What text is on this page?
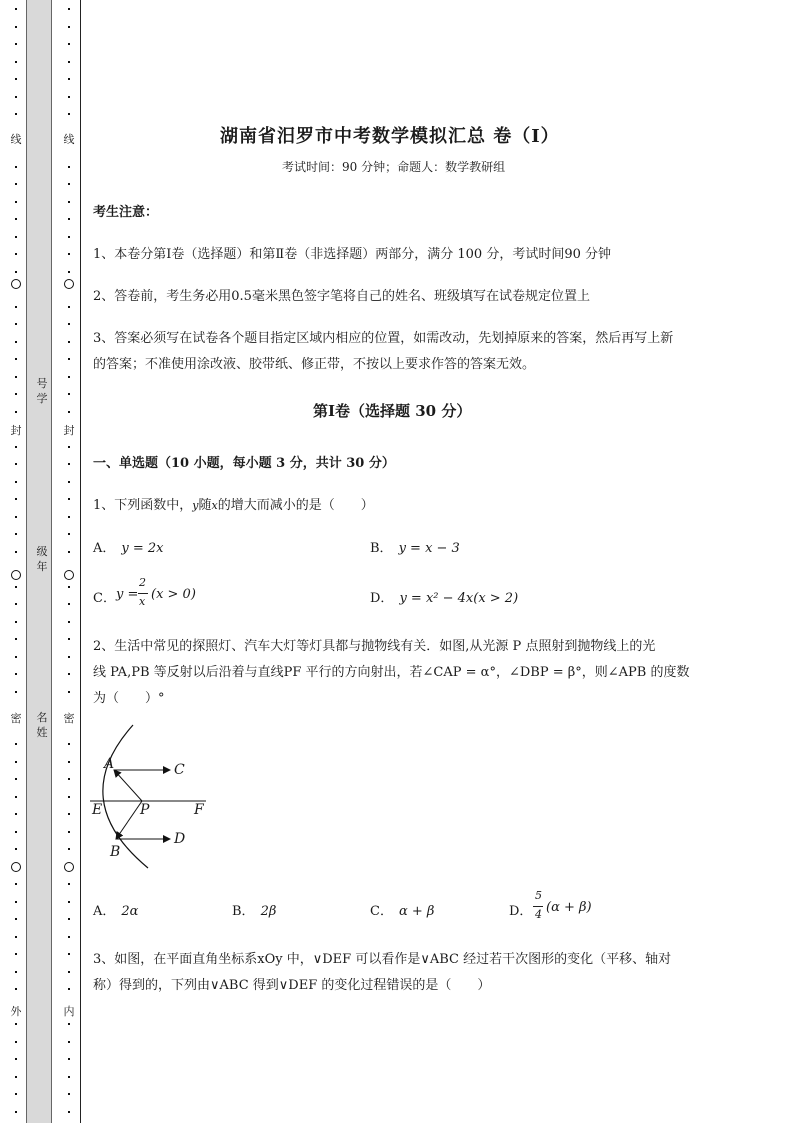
线
封
密
外
线
封
密
内
号学
级年
名姓
湖南省汨罗市中考数学模拟汇总 卷（Ⅰ）
考试时间：90 分钟；命题人：数学教研组
考生注意：
1、本卷分第Ⅰ卷（选择题）和第Ⅱ卷（非选择题）两部分，满分 100 分，考试时间90 分钟
2、答卷前，考生务必用0.5毫米黑色签字笔将自己的姓名、班级填写在试卷规定位置上
3、答案必须写在试卷各个题目指定区域内相应的位置，如需改动，先划掉原来的答案，然后再写上新
的答案；不准使用涂改液、胶带纸、修正带，不按以上要求作答的答案无效。
第Ⅰ卷（选择题 30 分）
一、单选题（10 小题，每小题 3 分，共计 30 分）
1、下列函数中，y随x的增大而减小的是（　　）
A． y = 2x	B． y = x − 3
C． y =
2
x (x > 0)	D． y = x² − 4x(x > 2)
2、生活中常见的探照灯、汽车大灯等灯具都与抛物线有关．如图,从光源 P 点照射到抛物线上的光
线 PA,PB 等反射以后沿着与直线PF 平行的方向射出，若∠CAP = α°，∠DBP = β°，则∠APB 的度数
为（　　）°
A	C
E	P	F
D
B
A． 2α	B． 2β	C． α + β	D．
5
4 (α + β)
3、如图，在平面直角坐标系xOy 中，∨DEF 可以看作是∨ABC 经过若干次图形的变化（平移、轴对
称）得到的，下列由∨ABC 得到∨DEF 的变化过程错误的是（　　）
